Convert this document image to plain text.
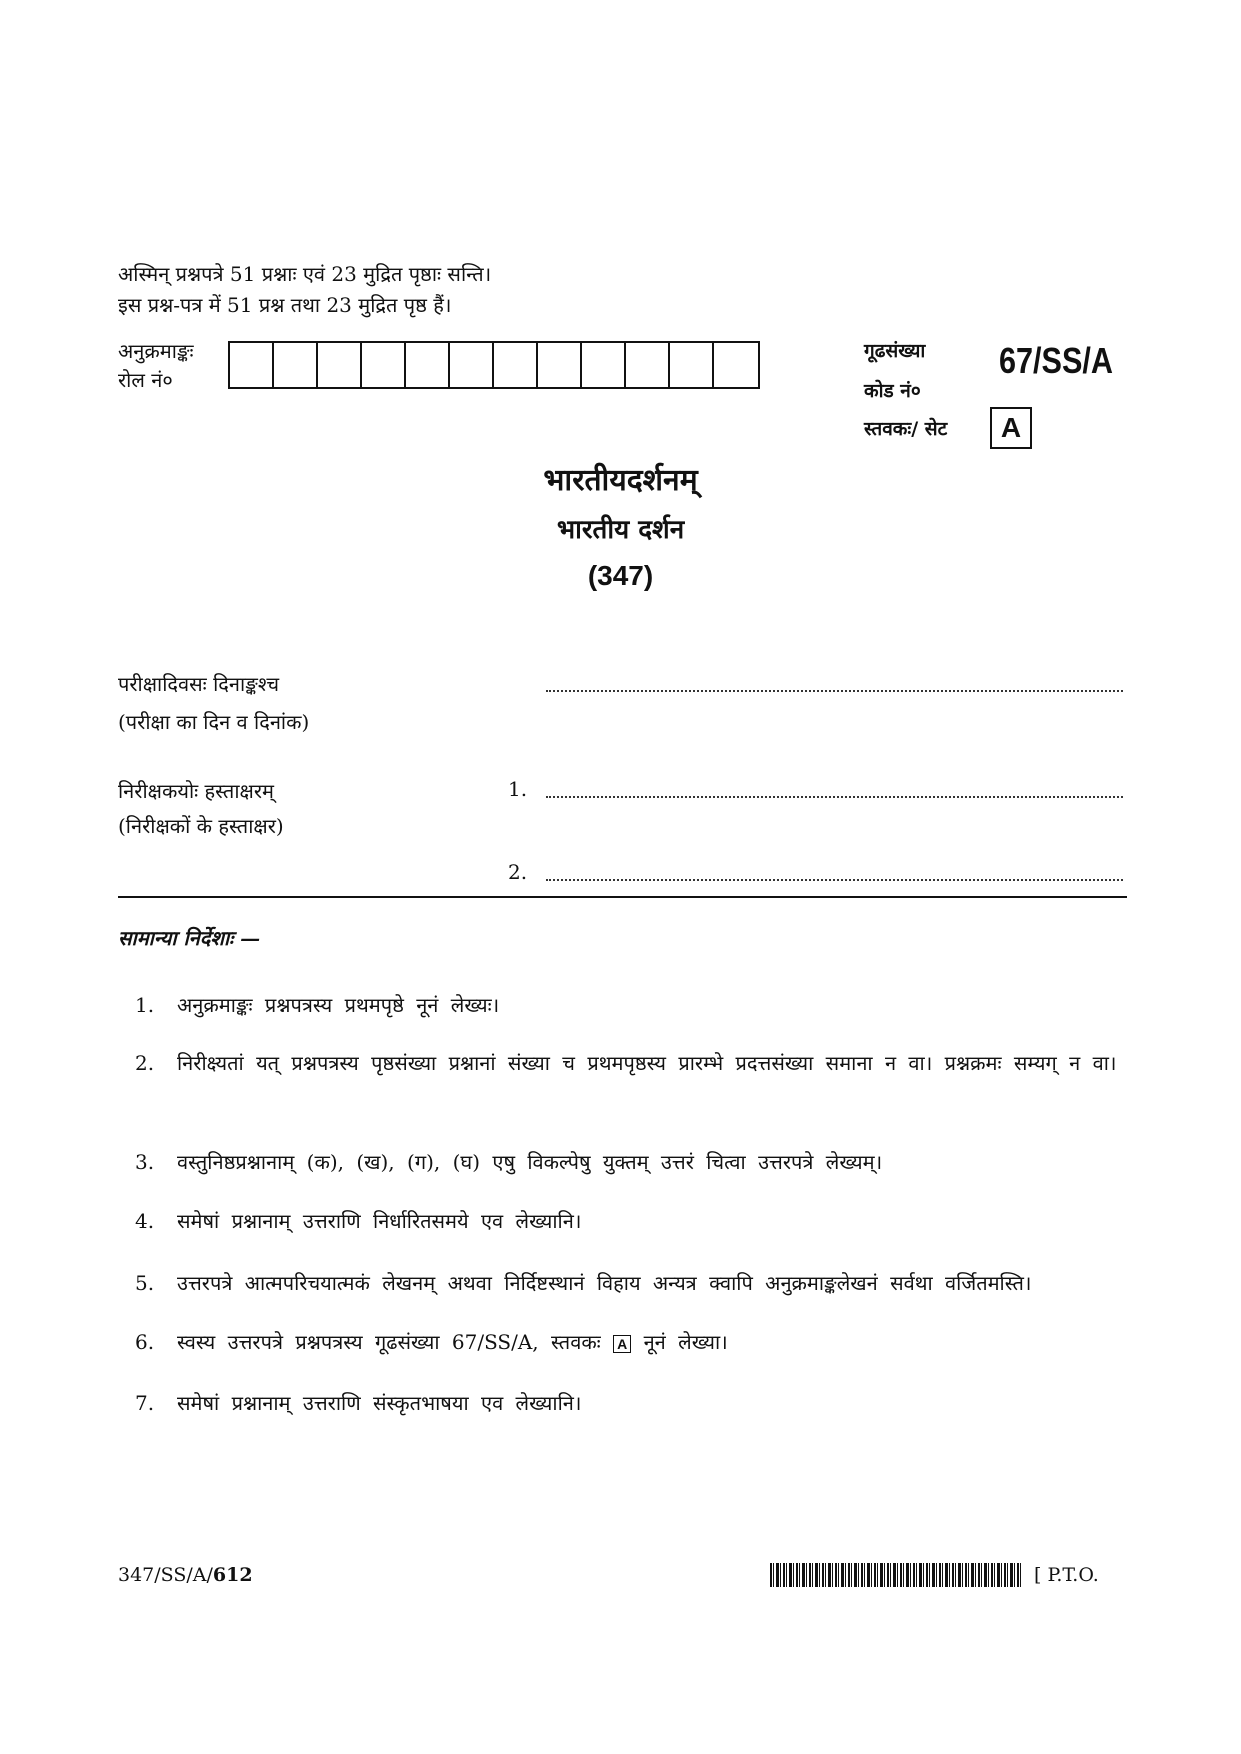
अस्मिन् प्रश्नपत्रे 51 प्रश्नाः एवं 23 मुद्रित पृष्ठाः सन्ति।
इस प्रश्न-पत्र में 51 प्रश्न तथा 23 मुद्रित पृष्ठ हैं।
अनुक्रमाङ्कः
रोल नं०
गूढसंख्या 67/SS/A
कोड नं०
स्तवकः/ सेट	A
भारतीयदर्शनम्
भारतीय दर्शन
(347)
परीक्षादिवसः दिनाङ्कश्च
(परीक्षा का दिन व दिनांक)
निरीक्षकयोः हस्ताक्षरम्
(निरीक्षकों के हस्ताक्षर)
1.
2.
सामान्या निर्देशाः —
1.	अनुक्रमाङ्कः प्रश्नपत्रस्य प्रथमपृष्ठे नूनं लेख्यः।
2.	निरीक्ष्यतां यत् प्रश्नपत्रस्य पृष्ठसंख्या प्रश्नानां संख्या च प्रथमपृष्ठस्य प्रारम्भे प्रदत्तसंख्या समाना न वा। प्रश्नक्रमः सम्यग् न वा।
3.	वस्तुनिष्ठप्रश्नानाम् (क), (ख), (ग), (घ) एषु विकल्पेषु युक्तम् उत्तरं चित्वा उत्तरपत्रे लेख्यम्।
4.	समेषां प्रश्नानाम् उत्तराणि निर्धारितसमये एव लेख्यानि।
5.	उत्तरपत्रे आत्मपरिचयात्मकं लेखनम् अथवा निर्दिष्टस्थानं विहाय अन्यत्र क्वापि अनुक्रमाङ्कलेखनं सर्वथा वर्जितमस्ति।
6.	स्वस्य उत्तरपत्रे प्रश्नपत्रस्य गूढसंख्या 67/SS/A, स्तवकः A नूनं लेख्या।
7.	समेषां प्रश्नानाम् उत्तराणि संस्कृतभाषया एव लेख्यानि।
347/SS/A/612	[ P.T.O.
